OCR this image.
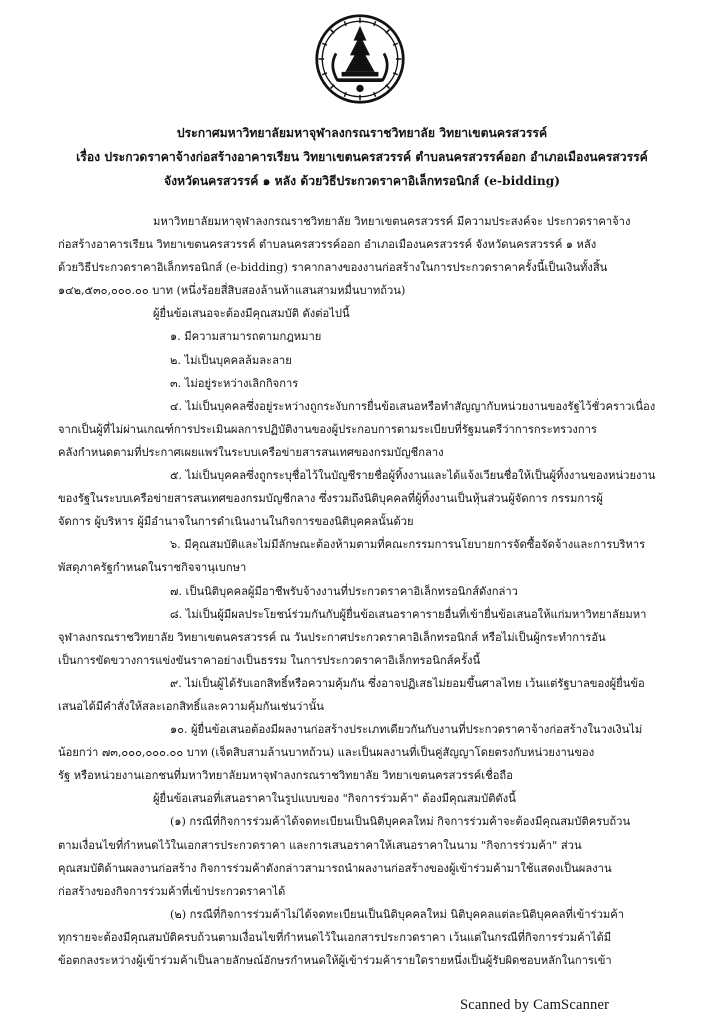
ประกาศมหาวิทยาลัยมหาจุฬาลงกรณราชวิทยาลัย วิทยาเขตนครสวรรค์
เรื่อง ประกวดราคาจ้างก่อสร้างอาคารเรียน วิทยาเขตนครสวรรค์ ตำบลนครสวรรค์ออก อำเภอเมืองนครสวรรค์
จังหวัดนครสวรรค์ ๑ หลัง ด้วยวิธีประกวดราคาอิเล็กทรอนิกส์ (e-bidding)
มหาวิทยาลัยมหาจุฬาลงกรณราชวิทยาลัย วิทยาเขตนครสวรรค์ มีความประสงค์จะ ประกวดราคาจ้าง
ก่อสร้างอาคารเรียน วิทยาเขตนครสวรรค์ ตำบลนครสวรรค์ออก อำเภอเมืองนครสวรรค์ จังหวัดนครสวรรค์ ๑ หลัง
ด้วยวิธีประกวดราคาอิเล็กทรอนิกส์ (e-bidding) ราคากลางของงานก่อสร้างในการประกวดราคาครั้งนี้เป็นเงินทั้งสิ้น
๑๔๒,๕๓๐,๐๐๐.๐๐ บาท (หนึ่งร้อยสี่สิบสองล้านห้าแสนสามหมื่นบาทถ้วน)
ผู้ยื่นข้อเสนอจะต้องมีคุณสมบัติ ดังต่อไปนี้
๑. มีความสามารถตามกฎหมาย
๒. ไม่เป็นบุคคลล้มละลาย
๓. ไม่อยู่ระหว่างเลิกกิจการ
๔. ไม่เป็นบุคคลซึ่งอยู่ระหว่างถูกระงับการยื่นข้อเสนอหรือทำสัญญากับหน่วยงานของรัฐไว้ชั่วคราวเนื่อง
จากเป็นผู้ที่ไม่ผ่านเกณฑ์การประเมินผลการปฏิบัติงานของผู้ประกอบการตามระเบียบที่รัฐมนตรีว่าการกระทรวงการ
คลังกำหนดตามที่ประกาศเผยแพร่ในระบบเครือข่ายสารสนเทศของกรมบัญชีกลาง
๕. ไม่เป็นบุคคลซึ่งถูกระบุชื่อไว้ในบัญชีรายชื่อผู้ทิ้งงานและได้แจ้งเวียนชื่อให้เป็นผู้ทิ้งงานของหน่วยงาน
ของรัฐในระบบเครือข่ายสารสนเทศของกรมบัญชีกลาง ซึ่งรวมถึงนิติบุคคลที่ผู้ทิ้งงานเป็นหุ้นส่วนผู้จัดการ กรรมการผู้
จัดการ ผู้บริหาร ผู้มีอำนาจในการดำเนินงานในกิจการของนิติบุคคลนั้นด้วย
๖. มีคุณสมบัติและไม่มีลักษณะต้องห้ามตามที่คณะกรรมการนโยบายการจัดซื้อจัดจ้างและการบริหาร
พัสดุภาครัฐกำหนดในราชกิจจานุเบกษา
๗. เป็นนิติบุคคลผู้มีอาชีพรับจ้างงานที่ประกวดราคาอิเล็กทรอนิกส์ดังกล่าว
๘. ไม่เป็นผู้มีผลประโยชน์ร่วมกันกับผู้ยื่นข้อเสนอราคารายอื่นที่เข้ายื่นข้อเสนอให้แก่มหาวิทยาลัยมหา
จุฬาลงกรณราชวิทยาลัย วิทยาเขตนครสวรรค์ ณ วันประกาศประกวดราคาอิเล็กทรอนิกส์ หรือไม่เป็นผู้กระทำการอัน
เป็นการขัดขวางการแข่งขันราคาอย่างเป็นธรรม ในการประกวดราคาอิเล็กทรอนิกส์ครั้งนี้
๙. ไม่เป็นผู้ได้รับเอกสิทธิ์หรือความคุ้มกัน ซึ่งอาจปฏิเสธไม่ยอมขึ้นศาลไทย เว้นแต่รัฐบาลของผู้ยื่นข้อ
เสนอได้มีคำสั่งให้สละเอกสิทธิ์และความคุ้มกันเช่นว่านั้น
๑๐. ผู้ยื่นข้อเสนอต้องมีผลงานก่อสร้างประเภทเดียวกันกับงานที่ประกวดราคาจ้างก่อสร้างในวงเงินไม่
น้อยกว่า ๗๓,๐๐๐,๐๐๐.๐๐ บาท (เจ็ดสิบสามล้านบาทถ้วน) และเป็นผลงานที่เป็นคู่สัญญาโดยตรงกับหน่วยงานของ
รัฐ หรือหน่วยงานเอกชนที่มหาวิทยาลัยมหาจุฬาลงกรณราชวิทยาลัย วิทยาเขตนครสวรรค์เชื่อถือ
ผู้ยื่นข้อเสนอที่เสนอราคาในรูปแบบของ "กิจการร่วมค้า" ต้องมีคุณสมบัติดังนี้
(๑) กรณีที่กิจการร่วมค้าได้จดทะเบียนเป็นนิติบุคคลใหม่ กิจการร่วมค้าจะต้องมีคุณสมบัติครบถ้วน
ตามเงื่อนไขที่กำหนดไว้ในเอกสารประกวดราคา และการเสนอราคาให้เสนอราคาในนาม "กิจการร่วมค้า" ส่วน
คุณสมบัติด้านผลงานก่อสร้าง กิจการร่วมค้าดังกล่าวสามารถนำผลงานก่อสร้างของผู้เข้าร่วมค้ามาใช้แสดงเป็นผลงาน
ก่อสร้างของกิจการร่วมค้าที่เข้าประกวดราคาได้
(๒) กรณีที่กิจการร่วมค้าไม่ได้จดทะเบียนเป็นนิติบุคคลใหม่ นิติบุคคลแต่ละนิติบุคคลที่เข้าร่วมค้า
ทุกรายจะต้องมีคุณสมบัติครบถ้วนตามเงื่อนไขที่กำหนดไว้ในเอกสารประกวดราคา เว้นแต่ในกรณีที่กิจการร่วมค้าได้มี
ข้อตกลงระหว่างผู้เข้าร่วมค้าเป็นลายลักษณ์อักษรกำหนดให้ผู้เข้าร่วมค้ารายใดรายหนึ่งเป็นผู้รับผิดชอบหลักในการเข้า
Scanned by CamScanner
